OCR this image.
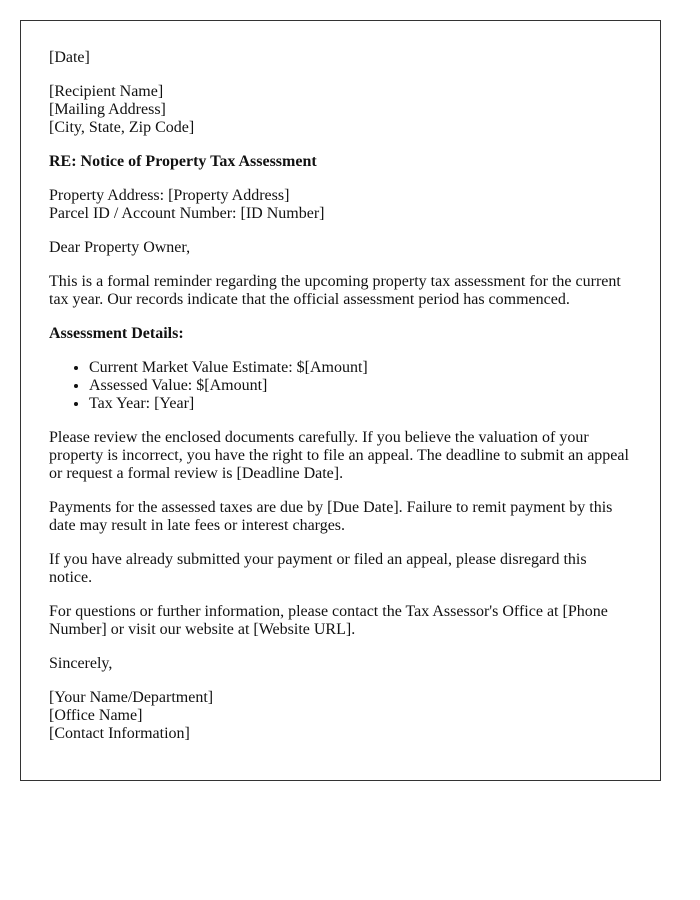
[Date]

[Recipient Name]
[Mailing Address]
[City, State, Zip Code]

RE: Notice of Property Tax Assessment

Property Address: [Property Address]
Parcel ID / Account Number: [ID Number]

Dear Property Owner,

This is a formal reminder regarding the upcoming property tax assessment for the current tax year. Our records indicate that the official assessment period has commenced.

Assessment Details:

• Current Market Value Estimate: $[Amount]
• Assessed Value: $[Amount]
• Tax Year: [Year]

Please review the enclosed documents carefully. If you believe the valuation of your property is incorrect, you have the right to file an appeal. The deadline to submit an appeal or request a formal review is [Deadline Date].

Payments for the assessed taxes are due by [Due Date]. Failure to remit payment by this date may result in late fees or interest charges.

If you have already submitted your payment or filed an appeal, please disregard this notice.

For questions or further information, please contact the Tax Assessor's Office at [Phone Number] or visit our website at [Website URL].

Sincerely,

[Your Name/Department]
[Office Name]
[Contact Information]
